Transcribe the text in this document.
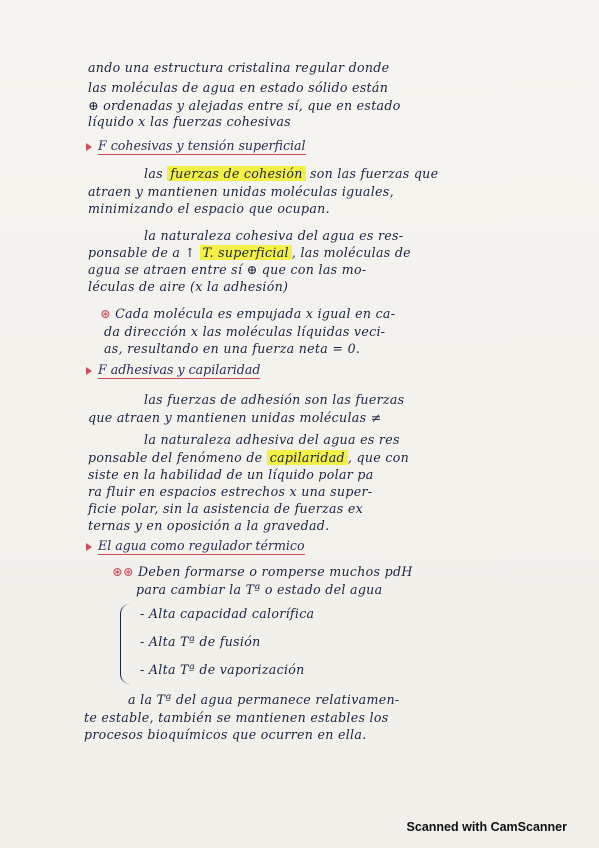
ando una estructura cristalina regular donde
las moléculas de agua en estado sólido están
⊕ ordenadas y alejadas entre sí, que en estado
líquido x las fuerzas cohesivas
F cohesivas y tensión superficial
las fuerzas de cohesión son las fuerzas que
atraen y mantienen unidas moléculas iguales,
minimizando el espacio que ocupan.
la naturaleza cohesiva del agua es res-
ponsable de a ↑ T. superficial , las moléculas de
agua se atraen entre sí ⊕ que con las mo-
léculas de aire (x la adhesión)
⊛ Cada molécula es empujada x igual en ca-
da dirección x las moléculas líquidas veci-
as, resultando en una fuerza neta = 0.
F adhesivas y capilaridad
las fuerzas de adhesión son las fuerzas
que atraen y mantienen unidas moléculas ≠
la naturaleza adhesiva del agua es res
ponsable del fenómeno de capilaridad , que con
siste en la habilidad de un líquido polar pa
ra fluir en espacios estrechos x una super-
ficie polar, sin la asistencia de fuerzas ex
ternas y en oposición a la gravedad.
El agua como regulador térmico
⊛⊛ Deben formarse o romperse muchos pdH
para cambiar la Tª o estado del agua
- Alta capacidad calorífica
- Alta Tª de fusión
- Alta Tª de vaporización
a la Tª del agua permanece relativamen-
te estable, también se mantienen estables los
procesos bioquímicos que ocurren en ella.
Scanned with CamScanner
